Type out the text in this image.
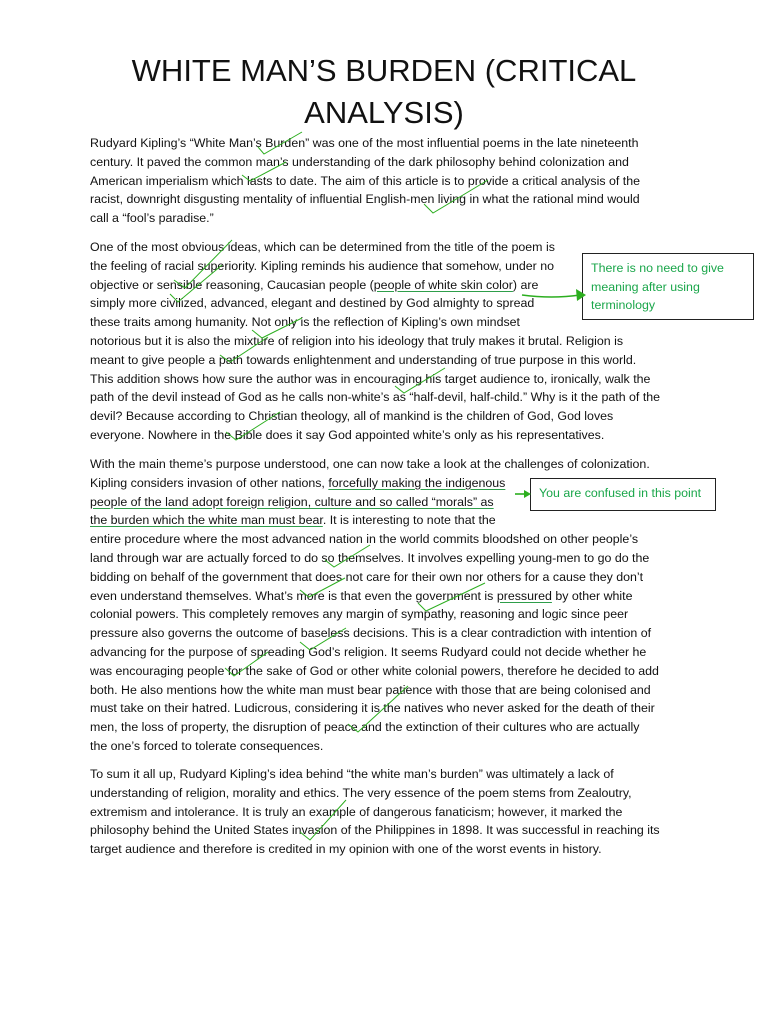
WHITE MAN’S BURDEN (CRITICAL
ANALYSIS)

Rudyard Kipling’s “White Man’s Burden” was one of the most influential poems in the late nineteenth
century. It paved the common man’s understanding of the dark philosophy behind colonization and
American imperialism which lasts to date. The aim of this article is to provide a critical analysis of the
racist, downright disgusting mentality of influential English-men living in what the rational mind would
call a “fool’s paradise.”

One of the most obvious ideas, which can be determined from the title of the poem is
the feeling of racial superiority. Kipling reminds his audience that somehow, under no
objective or sensible reasoning, Caucasian people (people of white skin color) are
simply more civilized, advanced, elegant and destined by God almighty to spread
these traits among humanity. Not only is the reflection of Kipling’s own mindset
notorious but it is also the mixture of religion into his ideology that truly makes it brutal. Religion is
meant to give people a path towards enlightenment and understanding of true purpose in this world.
This addition shows how sure the author was in encouraging his target audience to, ironically, walk the
path of the devil instead of God as he calls non-white’s as “half-devil, half-child.” Why is it the path of the
devil? Because according to Christian theology, all of mankind is the children of God, God loves
everyone. Nowhere in the Bible does it say God appointed white’s only as his representatives.

With the main theme’s purpose understood, one can now take a look at the challenges of colonization.
Kipling considers invasion of other nations, forcefully making the indigenous
people of the land adopt foreign religion, culture and so called “morals” as
the burden which the white man must bear. It is interesting to note that the
entire procedure where the most advanced nation in the world commits bloodshed on other people’s
land through war are actually forced to do so themselves. It involves expelling young-men to go do the
bidding on behalf of the government that does not care for their own nor others for a cause they don’t
even understand themselves. What’s more is that even the government is pressured by other white
colonial powers. This completely removes any margin of sympathy, reasoning and logic since peer
pressure also governs the outcome of baseless decisions. This is a clear contradiction with intention of
advancing for the purpose of spreading God’s religion. It seems Rudyard could not decide whether he
was encouraging people for the sake of God or other white colonial powers, therefore he decided to add
both. He also mentions how the white man must bear patience with those that are being colonised and
must take on their hatred. Ludicrous, considering it is the natives who never asked for the death of their
men, the loss of property, the disruption of peace and the extinction of their cultures who are actually
the one’s forced to tolerate consequences.

To sum it all up, Rudyard Kipling’s idea behind “the white man’s burden” was ultimately a lack of
understanding of religion, morality and ethics. The very essence of the poem stems from Zealoutry,
extremism and intolerance. It is truly an example of dangerous fanaticism; however, it marked the
philosophy behind the United States invasion of the Philippines in 1898. It was successful in reaching its
target audience and therefore is credited in my opinion with one of the worst events in history.

There is no need to give meaning after using terminology
You are confused in this point
